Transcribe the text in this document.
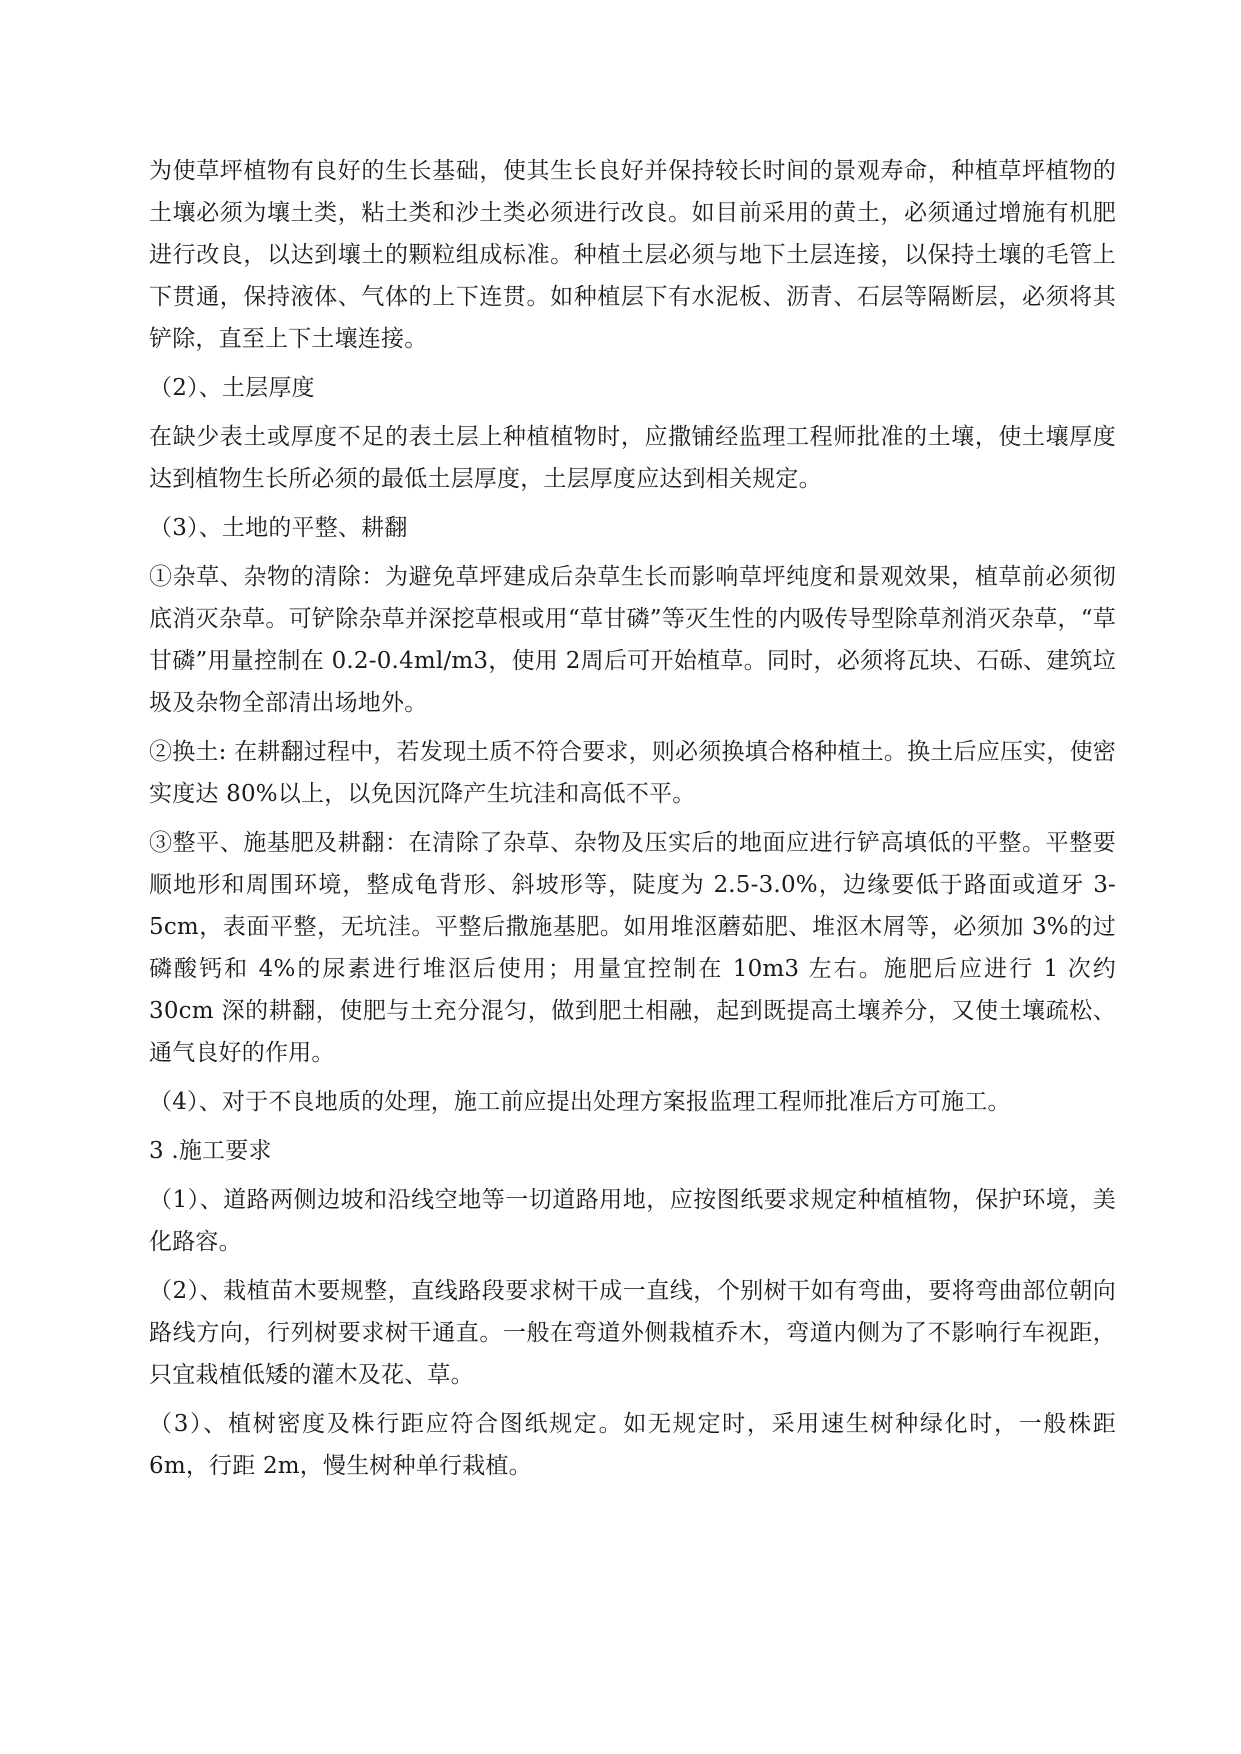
为使草坪植物有良好的生长基础，使其生长良好并保持较长时间的景观寿命，种植草坪植物的土壤必须为壤土类，粘土类和沙土类必须进行改良。如目前采用的黄土，必须通过增施有机肥进行改良，以达到壤土的颗粒组成标准。种植土层必须与地下土层连接，以保持土壤的毛管上下贯通，保持液体、气体的上下连贯。如种植层下有水泥板、沥青、石层等隔断层，必须将其铲除，直至上下土壤连接。

（2）、土层厚度

在缺少表土或厚度不足的表土层上种植植物时，应撒铺经监理工程师批准的土壤，使土壤厚度达到植物生长所必须的最低土层厚度，土层厚度应达到相关规定。

（3）、土地的平整、耕翻

①杂草、杂物的清除：为避免草坪建成后杂草生长而影响草坪纯度和景观效果，植草前必须彻底消灭杂草。可铲除杂草并深挖草根或用“草甘磷”等灭生性的内吸传导型除草剂消灭杂草，“草甘磷”用量控制在 0.2-0.4ml/m3，使用 2周后可开始植草。同时，必须将瓦块、石砾、建筑垃圾及杂物全部清出场地外。

②换土: 在耕翻过程中，若发现土质不符合要求，则必须换填合格种植土。换土后应压实，使密实度达 80%以上，以免因沉降产生坑洼和高低不平。

③整平、施基肥及耕翻：在清除了杂草、杂物及压实后的地面应进行铲高填低的平整。平整要顺地形和周围环境，整成龟背形、斜坡形等，陡度为 2.5-3.0%，边缘要低于路面或道牙 3-5cm，表面平整，无坑洼。平整后撒施基肥。如用堆沤蘑茹肥、堆沤木屑等，必须加 3%的过磷酸钙和 4%的尿素进行堆沤后使用；用量宜控制在 10m3 左右。施肥后应进行 1 次约 30cm 深的耕翻，使肥与土充分混匀，做到肥土相融，起到既提高土壤养分，又使土壤疏松、通气良好的作用。

（4）、对于不良地质的处理，施工前应提出处理方案报监理工程师批准后方可施工。

3 .施工要求

（1）、道路两侧边坡和沿线空地等一切道路用地，应按图纸要求规定种植植物，保护环境，美化路容。

（2）、栽植苗木要规整，直线路段要求树干成一直线，个别树干如有弯曲，要将弯曲部位朝向路线方向，行列树要求树干通直。一般在弯道外侧栽植乔木，弯道内侧为了不影响行车视距，只宜栽植低矮的灌木及花、草。

（3）、植树密度及株行距应符合图纸规定。如无规定时，采用速生树种绿化时，一般株距 6m，行距 2m，慢生树种单行栽植。
